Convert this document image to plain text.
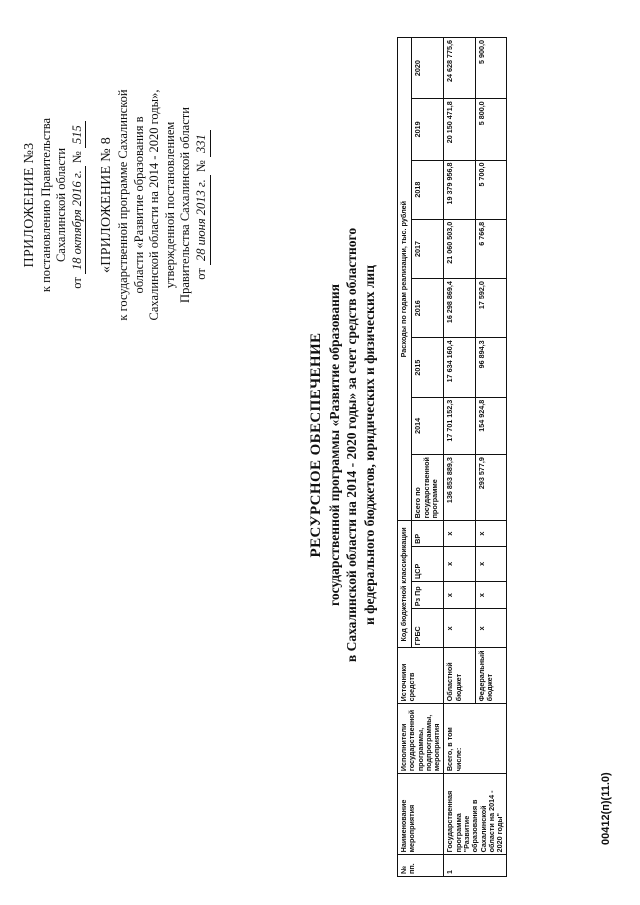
ПРИЛОЖЕНИЕ №3 к постановлению Правительства Сахалинской области
от 18 октября 2016 г. № 515
«ПРИЛОЖЕНИЕ № 8 к государственной программе Сахалинской области «Развитие образования в Сахалинской области на 2014 - 2020 годы», утвержденной постановлением Правительства Сахалинской области от 28 июня 2013 г. № 331
РЕСУРСНОЕ ОБЕСПЕЧЕНИЕ государственной программы «Развитие образования в Сахалинской области на 2014 - 2020 годы» за счет средств областного и федерального бюджетов, юридических и физических лиц
№ пп.	Наименование мероприятия	Исполнители государственной программы, подпрограммы, мероприятия	Источники средств	Код бюджетной классификации				Расходы по годам реализации, тыс. рублей							
				ГРБС	Рз Пр	ЦСР	ВР	Всего по государственной программе	2014	2015	2016	2017	2018	2019	2020
1	Государственная программа "Развитие образования в Сахалинской области на 2014 - 2020 годы"	Всего, в том числе:	Областной бюджет	х	х	х	х	136 853 889,3	17 701 152,3	17 634 160,4	16 298 869,4	21 060 503,0	19 379 956,8	20 150 471,8	24 628 775,6
			Федеральный бюджет	х	х	х	х	293 577,9	154 924,8	96 894,3	17 592,0	6 766,8	5 700,0	5 800,0	5 900,0
00412(п)(11.0)
